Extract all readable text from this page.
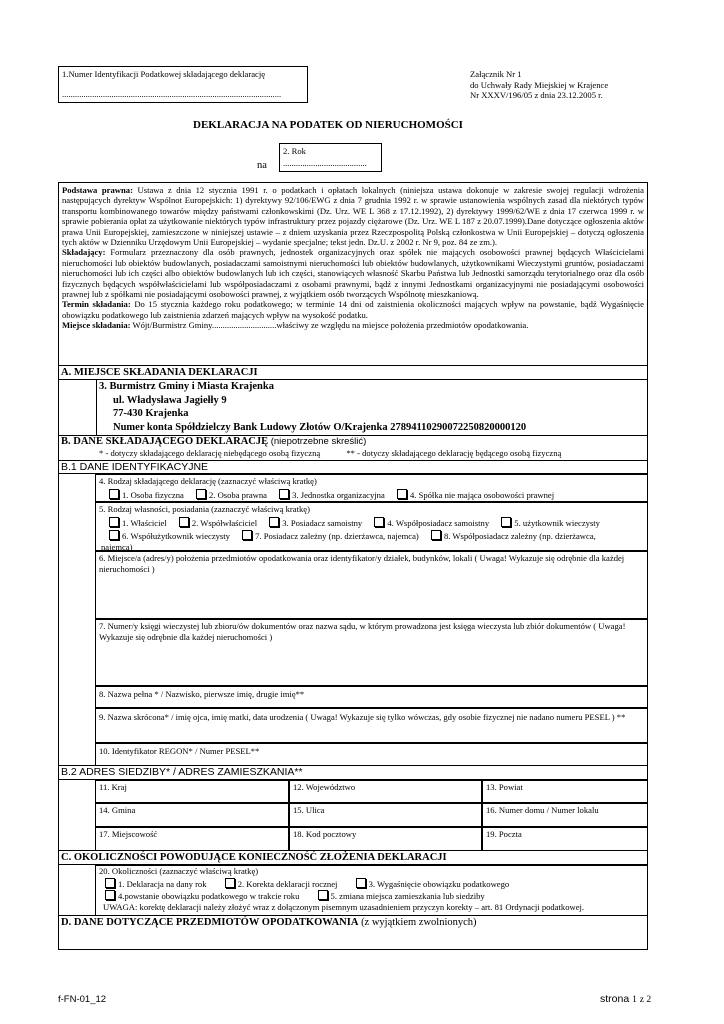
1.Numer Identyfikacji Podatkowej składającego deklarację
......................................................................................................
Załącznik Nr 1
do Uchwały Rady Miejskiej w Krajence
Nr XXXV/196/05 z dnia 23.12.2005 r.
DEKLARACJA NA PODATEK OD NIERUCHOMOŚCI
na
2. Rok
.......................................
Podstawa prawna: Ustawa z dnia 12 stycznia 1991 r. o podatkach i opłatach lokalnych (niniejsza ustawa dokonuje w zakresie swojej regulacji wdrożenia następujących dyrektyw Wspólnot Europejskich: 1) dyrektywy 92/106/EWG z dnia 7 grudnia 1992 r. w sprawie ustanowienia wspólnych zasad dla niektórych typów transportu kombinowanego towarów między państwami członkowskimi (Dz. Urz. WE L 368 z 17.12.1992), 2) dyrektywy 1999/62/WE z dnia 17 czerwca 1999 r. w sprawie pobierania opłat za użytkowanie niektórych typów infrastruktury przez pojazdy ciężarowe (Dz. Urz. WE L 187 z 20.07.1999).Dane dotyczące ogłoszenia aktów prawa Unii Europejskiej, zamieszczone w niniejszej ustawie – z dniem uzyskania przez Rzeczpospolitą Polską członkostwa w Unii Europejskiej – dotyczą ogłoszenia tych aktów w Dzienniku Urzędowym Unii Europejskiej – wydanie specjalne; tekst jedn. Dz.U. z 2002 r. Nr 9, poz. 84 ze zm.).
Składający: Formularz przeznaczony dla osób prawnych, jednostek organizacyjnych oraz spółek nie mających osobowości prawnej będących Właścicielami nieruchomości lub obiektów budowlanych, posiadaczami samoistnymi nieruchomości lub obiektów budowlanych, użytkownikami Wieczystymi gruntów, posiadaczami nieruchomości lub ich części albo obiektów budowlanych lub ich części, stanowiących własność Skarbu Państwa lub Jednostki samorządu terytorialnego oraz dla osób fizycznych będących współwłaścicielami lub współposiadaczami z osobami prawnymi, bądź z innymi Jednostkami organizacyjnymi nie posiadającymi osobowości prawnej lub z spółkami nie posiadającymi osobowości prawnej, z wyjątkiem osób tworzących Wspólnotę mieszkaniową.
Termin składania: Do 15 stycznia każdego roku podatkowego; w terminie 14 dni od zaistnienia okoliczności mających wpływ na powstanie, bądź Wygaśnięcie obowiązku podatkowego lub zaistnienia zdarzeń mających wpływ na wysokość podatku.
Miejsce składania: Wójt/Burmistrz Gminy..............................właściwy ze względu na miejsce położenia przedmiotów opodatkowania.
A. MIEJSCE SKŁADANIA DEKLARACJI
3. Burmistrz Gminy i Miasta Krajenka
ul. Władysława Jagiełły 9
77-430 Krajenka
Numer konta Spółdzielczy Bank Ludowy Złotów O/Krajenka 27894110290072250820000120
B. DANE SKŁADAJĄCEGO DEKLARACJĘ (niepotrzebne skreślić)
* - dotyczy składającego deklarację niebędącego osobą fizyczną	** - dotyczy składającego deklarację będącego osobą fizyczną
B.1 DANE IDENTYFIKACYJNE
4. Rodzaj składającego deklarację (zaznaczyć właściwą kratkę)
1. Osoba fizyczna	2. Osoba prawna	3. Jednostka organizacyjna	4. Spółka nie mająca osobowości prawnej
5. Rodzaj własności, posiadania (zaznaczyć właściwą kratkę)
1. Właściciel	2. Współwłaściciel	3. Posiadacz samoistny	4. Współposiadacz samoistny	5. użytkownik wieczysty
6. Współużytkownik wieczysty	7. Posiadacz zależny (np. dzierżawca, najemca)	8. Współposiadacz zależny (np. dzierżawca,
najemca)
6. Miejsce/a (adres/y) położenia przedmiotów opodatkowania oraz identyfikator/y działek, budynków, lokali ( Uwaga! Wykazuje się odrębnie dla każdej nieruchomości )
7. Numer/y księgi wieczystej lub zbioru/ów dokumentów oraz nazwa sądu, w którym prowadzona jest księga wieczysta lub zbiór dokumentów ( Uwaga! Wykazuje się odrębnie dla każdej nieruchomości )
8. Nazwa pełna * / Nazwisko, pierwsze imię, drugie imię**
9. Nazwa skrócona* / imię ojca, imię matki, data urodzenia ( Uwaga! Wykazuje się tylko wówczas, gdy osobie fizycznej nie nadano numeru PESEL ) **
10. Identyfikator REGON* / Numer PESEL**
B.2 ADRES SIEDZIBY* / ADRES ZAMIESZKANIA**
11. Kraj	12. Województwo	13. Powiat
14. Gmina	15. Ulica	16. Numer domu / Numer lokalu
17. Miejscowość	18. Kod pocztowy	19. Poczta
C. OKOLICZNOŚCI POWODUJĄCE KONIECZNOŚĆ ZŁOŻENIA DEKLARACJI
20. Okoliczności (zaznaczyć właściwą kratkę)
1. Deklaracja na dany rok	2. Korekta deklaracji rocznej	3. Wygaśnięcie obowiązku podatkowego
4.powstanie obowiązku podatkowego w trakcie roku	5. zmiana miejsca zamieszkania lub siedziby
UWAGA: korektę deklaracji należy złożyć wraz z dołączonym pisemnym uzasadnieniem przyczyn korekty – art. 81 Ordynacji podatkowej.
D. DANE DOTYCZĄCE PRZEDMIOTÓW OPODATKOWANIA (z wyjątkiem zwolnionych)
f-FN-01_12	strona 1 z 2
